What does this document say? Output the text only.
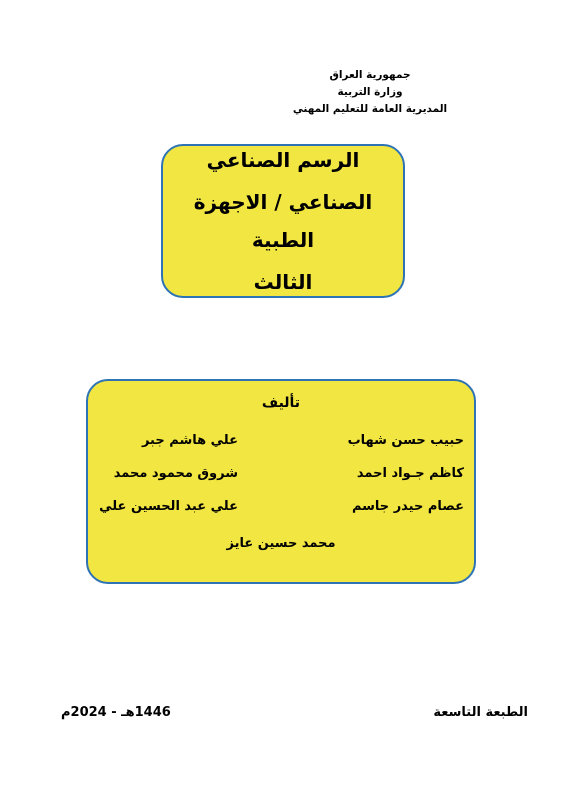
جمهورية العراق
وزارة التربية
المديرية العامة للتعليم المهني
الرسم الصناعي
الصناعي / الاجهزة الطبية
الثالث
تأليف
حبيب حسن شهاب
علي هاشم جبر
كاظم جـواد احمد
شروق محمود محمد
عصام حيدر جاسم
علي عبد الحسين علي
محمد حسين عايز
الطبعة التاسعة
1446هـ - 2024م
